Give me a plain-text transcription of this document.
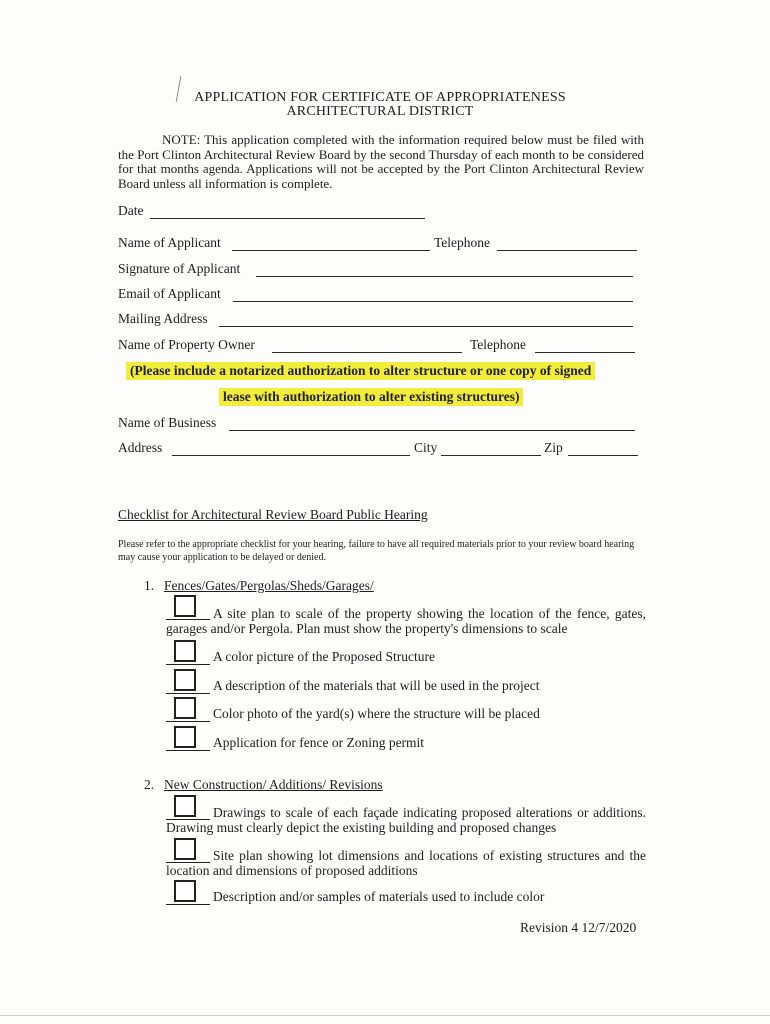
APPLICATION FOR CERTIFICATE OF APPROPRIATENESS
ARCHITECTURAL DISTRICT
NOTE: This application completed with the information required below must be filed with the Port Clinton Architectural Review Board by the second Thursday of each month to be considered for that months agenda. Applications will not be accepted by the Port Clinton Architectural Review Board unless all information is complete.
Date
Name of Applicant	Telephone
Signature of Applicant
Email of Applicant
Mailing Address
Name of Property Owner	Telephone
(Please include a notarized authorization to alter structure or one copy of signed
lease with authorization to alter existing structures)
Name of Business
Address	City	Zip
Checklist for Architectural Review Board Public Hearing
Please refer to the appropriate checklist for your hearing, failure to have all required materials prior to your review board hearing may cause your application to be delayed or denied.
1. Fences/Gates/Pergolas/Sheds/Garages/
A site plan to scale of the property showing the location of the fence, gates, garages and/or Pergola. Plan must show the property's dimensions to scale
A color picture of the Proposed Structure
A description of the materials that will be used in the project
Color photo of the yard(s) where the structure will be placed
Application for fence or Zoning permit
2. New Construction/ Additions/ Revisions
Drawings to scale of each façade indicating proposed alterations or additions. Drawing must clearly depict the existing building and proposed changes
Site plan showing lot dimensions and locations of existing structures and the location and dimensions of proposed additions
Description and/or samples of materials used to include color
Revision 4 12/7/2020
